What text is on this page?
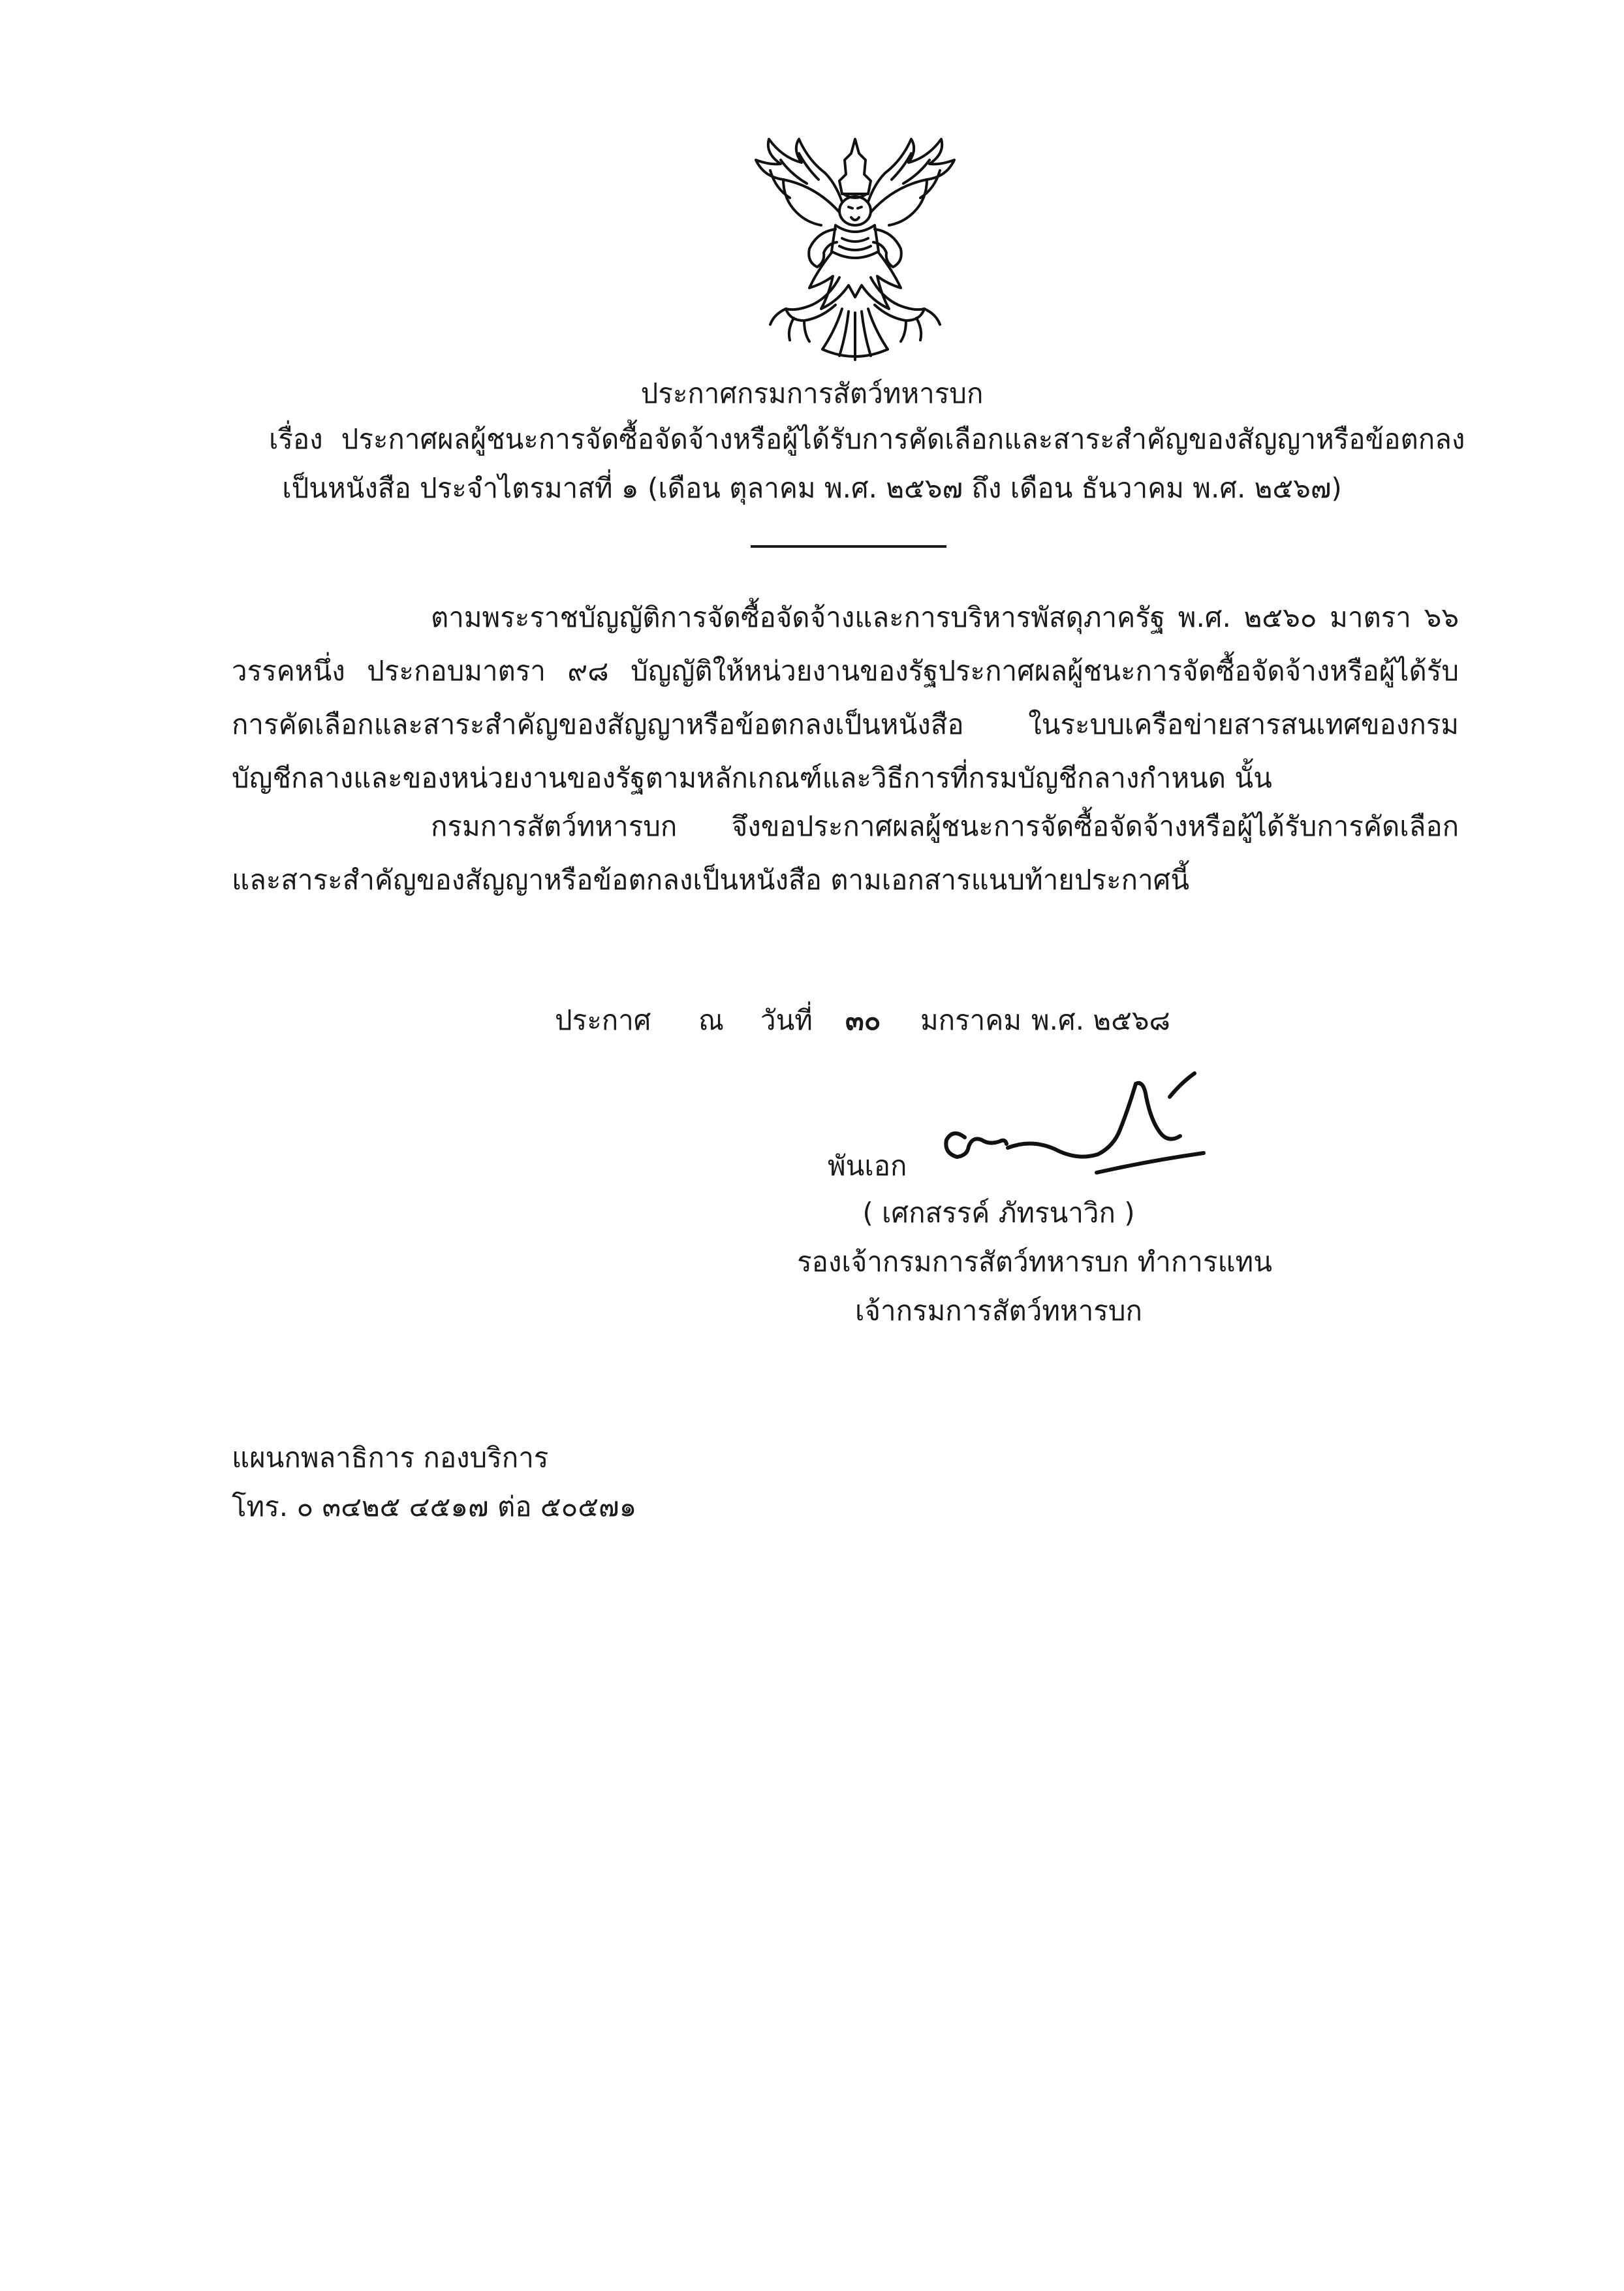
ประกาศกรมการสัตว์ทหารบก
เรื่อง ประกาศผลผู้ชนะการจัดซื้อจัดจ้างหรือผู้ได้รับการคัดเลือกและสาระสำคัญของสัญญาหรือข้อตกลง
เป็นหนังสือ ประจำไตรมาสที่ ๑ (เดือน ตุลาคม พ.ศ. ๒๕๖๗ ถึง เดือน ธันวาคม พ.ศ. ๒๕๖๗)
ตามพระราชบัญญัติการจัดซื้อจัดจ้างและการบริหารพัสดุภาครัฐ พ.ศ. ๒๕๖๐ มาตรา ๖๖ วรรคหนึ่ง ประกอบมาตรา ๙๘ บัญญัติให้หน่วยงานของรัฐประกาศผลผู้ชนะการจัดซื้อจัดจ้างหรือผู้ได้รับการคัดเลือกและสาระสำคัญของสัญญาหรือข้อตกลงเป็นหนังสือ ในระบบเครือข่ายสารสนเทศของกรมบัญชีกลางและของหน่วยงานของรัฐตามหลักเกณฑ์และวิธีการที่กรมบัญชีกลางกำหนด นั้น
กรมการสัตว์ทหารบก จึงขอประกาศผลผู้ชนะการจัดซื้อจัดจ้างหรือผู้ได้รับการคัดเลือกและสาระสำคัญของสัญญาหรือข้อตกลงเป็นหนังสือ ตามเอกสารแนบท้ายประกาศนี้
ประกาศ ณ วันที่ ๓๐ มกราคม พ.ศ. ๒๕๖๘
พันเอก
( เศกสรรค์ ภัทรนาวิก )
รองเจ้ากรมการสัตว์ทหารบก ทำการแทน
เจ้ากรมการสัตว์ทหารบก
แผนกพลาธิการ กองบริการ
โทร. ๐ ๓๔๒๕ ๔๕๑๗ ต่อ ๕๐๕๗๑
